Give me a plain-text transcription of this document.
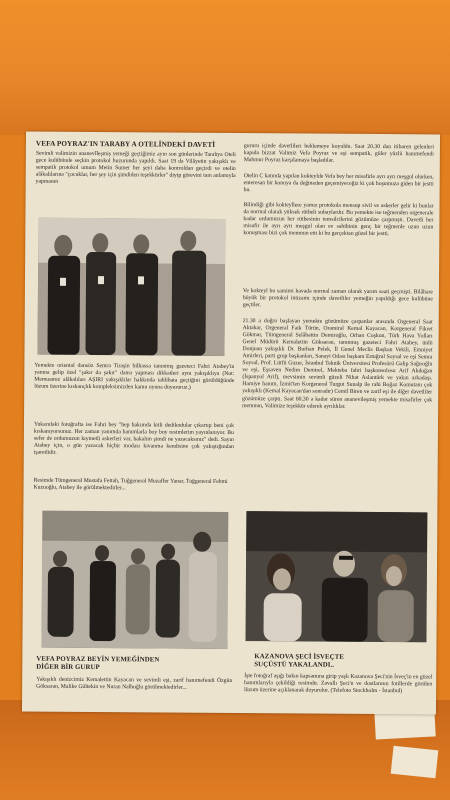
VEFA POYRAZ'IN TARABY A OTELİNDEKİ DAVETİ
Sevimli valimizin ananevîleşmiş yemeği geçtiğimiz ayın son günlerinde Tarabya Oteli gece kulübünde seçkin protokol huzurunda yapıldı. Saat 19 da Vilâyetin yakışıklı ve sempatik protokol umum Metin Sumer her şeyi daha kontroldan geçirdi ve otelin alâkalılarına "çocuklar, her şey için şimdiden teşekkürler" diyip görevini tam anlamıyla yapmanın
Yemekte oriental dansöz Semra Tiraşin bilhassa tanınmış gazeteci Fahri Atabey'in yanına gelip özel "şakır da şakır" dansı yapması dikkatleri aynı yakışıklıya (Not: Memuamız alâkalıları AŞIRI yakışıklılar hakkında tahlibata geçtiğini görüldüğünde lüzum üzerine kıskançlık kompleksimizden kamu oyuna duyururuz.)
Yukarıdaki fotoğrafta ise Fahri bey "hep bakımda kitli dedikodular çıkartıp beni çok kıskanıyorsunuz. Her zaman yanımda hanımlarla boy boy resimlerim yayınlanıyor. Bu sefer de ordumuzun kıymetli askerleri var, bakalım şimdi ne yazacaksınız" dedi. Sayın Atabey için, o gün yazacak hiçbir modası kıvanma kendisine çok yakıştığından işaretlidir.
Resimde Tümgeneral Mustafa Fettah, Tuğgeneral Muzaffer Yanar, Tuğgeneral Fehmi Kuzuoğlu, Atabey ile görülmektedirler...
gururu içinde davetlileri beklemeye koyuldu. Saat 20.30 dan itibaren gelenleri kapıda bizzat Valimiz Vefa Poyraz ve eşi sempatik, güler yüzlü hanımefendi Mahmur Poyraz karşılamaya başladılar.
Otelin C katında yapılan kokteylde Vefa bey her misafirle ayrı ayrı meşgul olurken, enteresan bir konuya da değmeden geçemiyeceğiz ki çok hoşumuza giden bir jestti bu.
Bilindiği gibi kokteyllere yamız protokola mensup sivil ve askerler gelir ki bunlar da normal olarak yüksek rütbeli subaylardır. Bu yemekte ise teğmenden orgenerale kadar ordumuzun her rütbesinin temsilcilerini gözümüze çarpmıştı. Davetli her misafir ile ayrı ayrı meşgul olan ev sahibinin genç bir teğmenle uzun uzun konuşması bizi çok memnun etti ki bu gerçekten güzel bir jestti.
Ve kokteyl bu samimi havada normal zaman olarak yarım saati geçmişti. Bilâhare büyük bir protokol intizamı içinde davetliler yemeğin yapıldığı gece kulübüne geçtiler.
21.30 a doğru başlayan yemekte gözümüze çarpanlar arasında Orgeneral Saat Aktakar, Orgeneral Faik Türün, Oramiral Kemal Kayacan, Korgeneral Fikret Gökmar, Tümgeneral Selâhattin Demiroğlu, Orhan Coşkun, Türk Hava Yolları Genel Müdürü Kemalettin Göksaran, tanınmış gazeteci Fahri Atabey, ünlü Donjuan yakışıklı Dr. Burhan Pelek, İl Genel Meclis Başkan Vekili, Emniyet Amirleri, parti grup başkanları, Sanayi Odası başkanı Ertuğrul Soysal ve eşi Semra Soysal, Prof. Lütfü Guzer, İstanbul Teknik Üniversitesi Profesörü Galip Sağıroğlu ve eşi, Eşsaven Nedim Demirel, Mekteba fahri başkonsolosu Arif Akdoğan (İspanyol Arif), mevsimin sevimli güzeli Nihat Aslantürk ve yakın arkadaşı. Hamiye hanım, İzmit'ten Korgeneral Turgut Sunalp ile rahi Boğaz Komutanı çok yakışıklı (Kemal Kayacan'dan sonradır) Cemil Biren ve zarif eşi ile diğer davetliler gözümüze çarptı. Saat 00.30 a kadar süren ananevileşmiş yemekte misafirler çok memnun, Valimize teşekkür ederek ayrıldılar.
VEFA POYRAZ BEYİN YEMEĞİNDEN
DİĞER BİR GURUP
Yakışıklı denizcimiz Kemalettin Kayacan ve sevimli eşi, zarif hanımefendi Özgün Göksaran, Malike Gültekin ve Nuran Nalboğlu görülmektedirler...
KAZANOVA ŞECİ İSVEÇTE
SUÇÜSTÜ YAKALANDI..
İşte fotoğraf aşığı bakın kapsamına girip yaşlı Kazanova Şeci'nin İsveç'in en güzel hanımlarıyla çekildiği resimdir. Zavallı Şeci'n ve dostlarının fotillerde görülen lüzum üzerine açıklanarak duyurulur. (Telefoto Stockholm - İstanbul)
